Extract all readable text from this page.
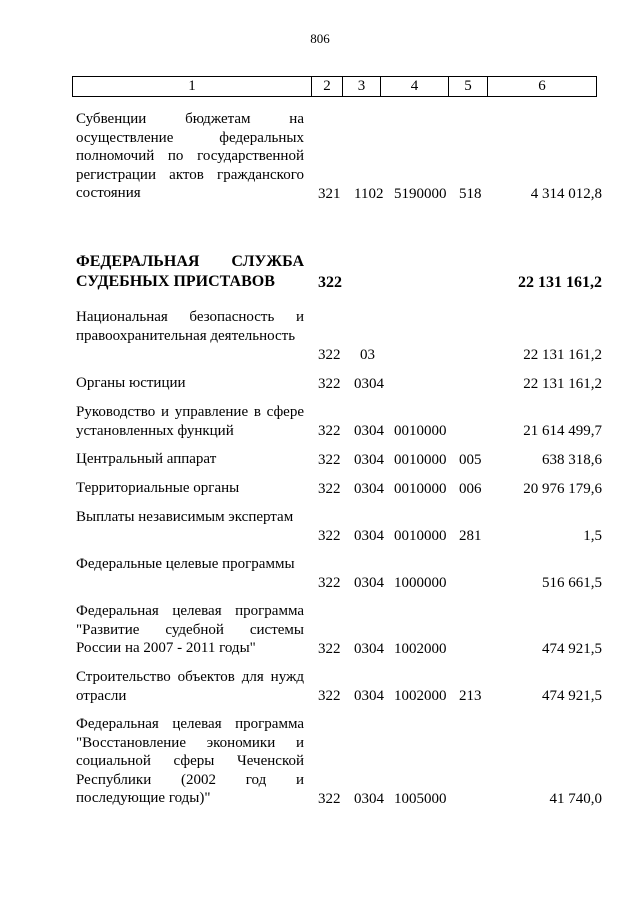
806
1	2	3	4	5	6
Субвенции бюджетам на осуществление федеральных полномочий по государственной регистрации актов гражданского состояния	321 1102 5190000 518	4 314 012,8
ФЕДЕРАЛЬНАЯ СЛУЖБА СУДЕБНЫХ ПРИСТАВОВ	322	22 131 161,2
Национальная безопасность и правоохранительная деятельность
322 03	22 131 161,2
Органы юстиции	322 0304	22 131 161,2
Руководство и управление в сфере установленных функций	322 0304 0010000	21 614 499,7
Центральный аппарат	322 0304 0010000 005	638 318,6
Территориальные органы	322 0304 0010000 006	20 976 179,6
Выплаты независимым экспертам
322 0304 0010000 281	1,5
Федеральные целевые программы
322 0304 1000000	516 661,5
Федеральная целевая программа "Развитие судебной системы России на 2007 - 2011 годы"	322 0304 1002000	474 921,5
Строительство объектов для нужд отрасли	322 0304 1002000 213	474 921,5
Федеральная целевая программа "Восстановление экономики и социальной сферы Чеченской Республики (2002 год и последующие годы)"	322 0304 1005000	41 740,0
